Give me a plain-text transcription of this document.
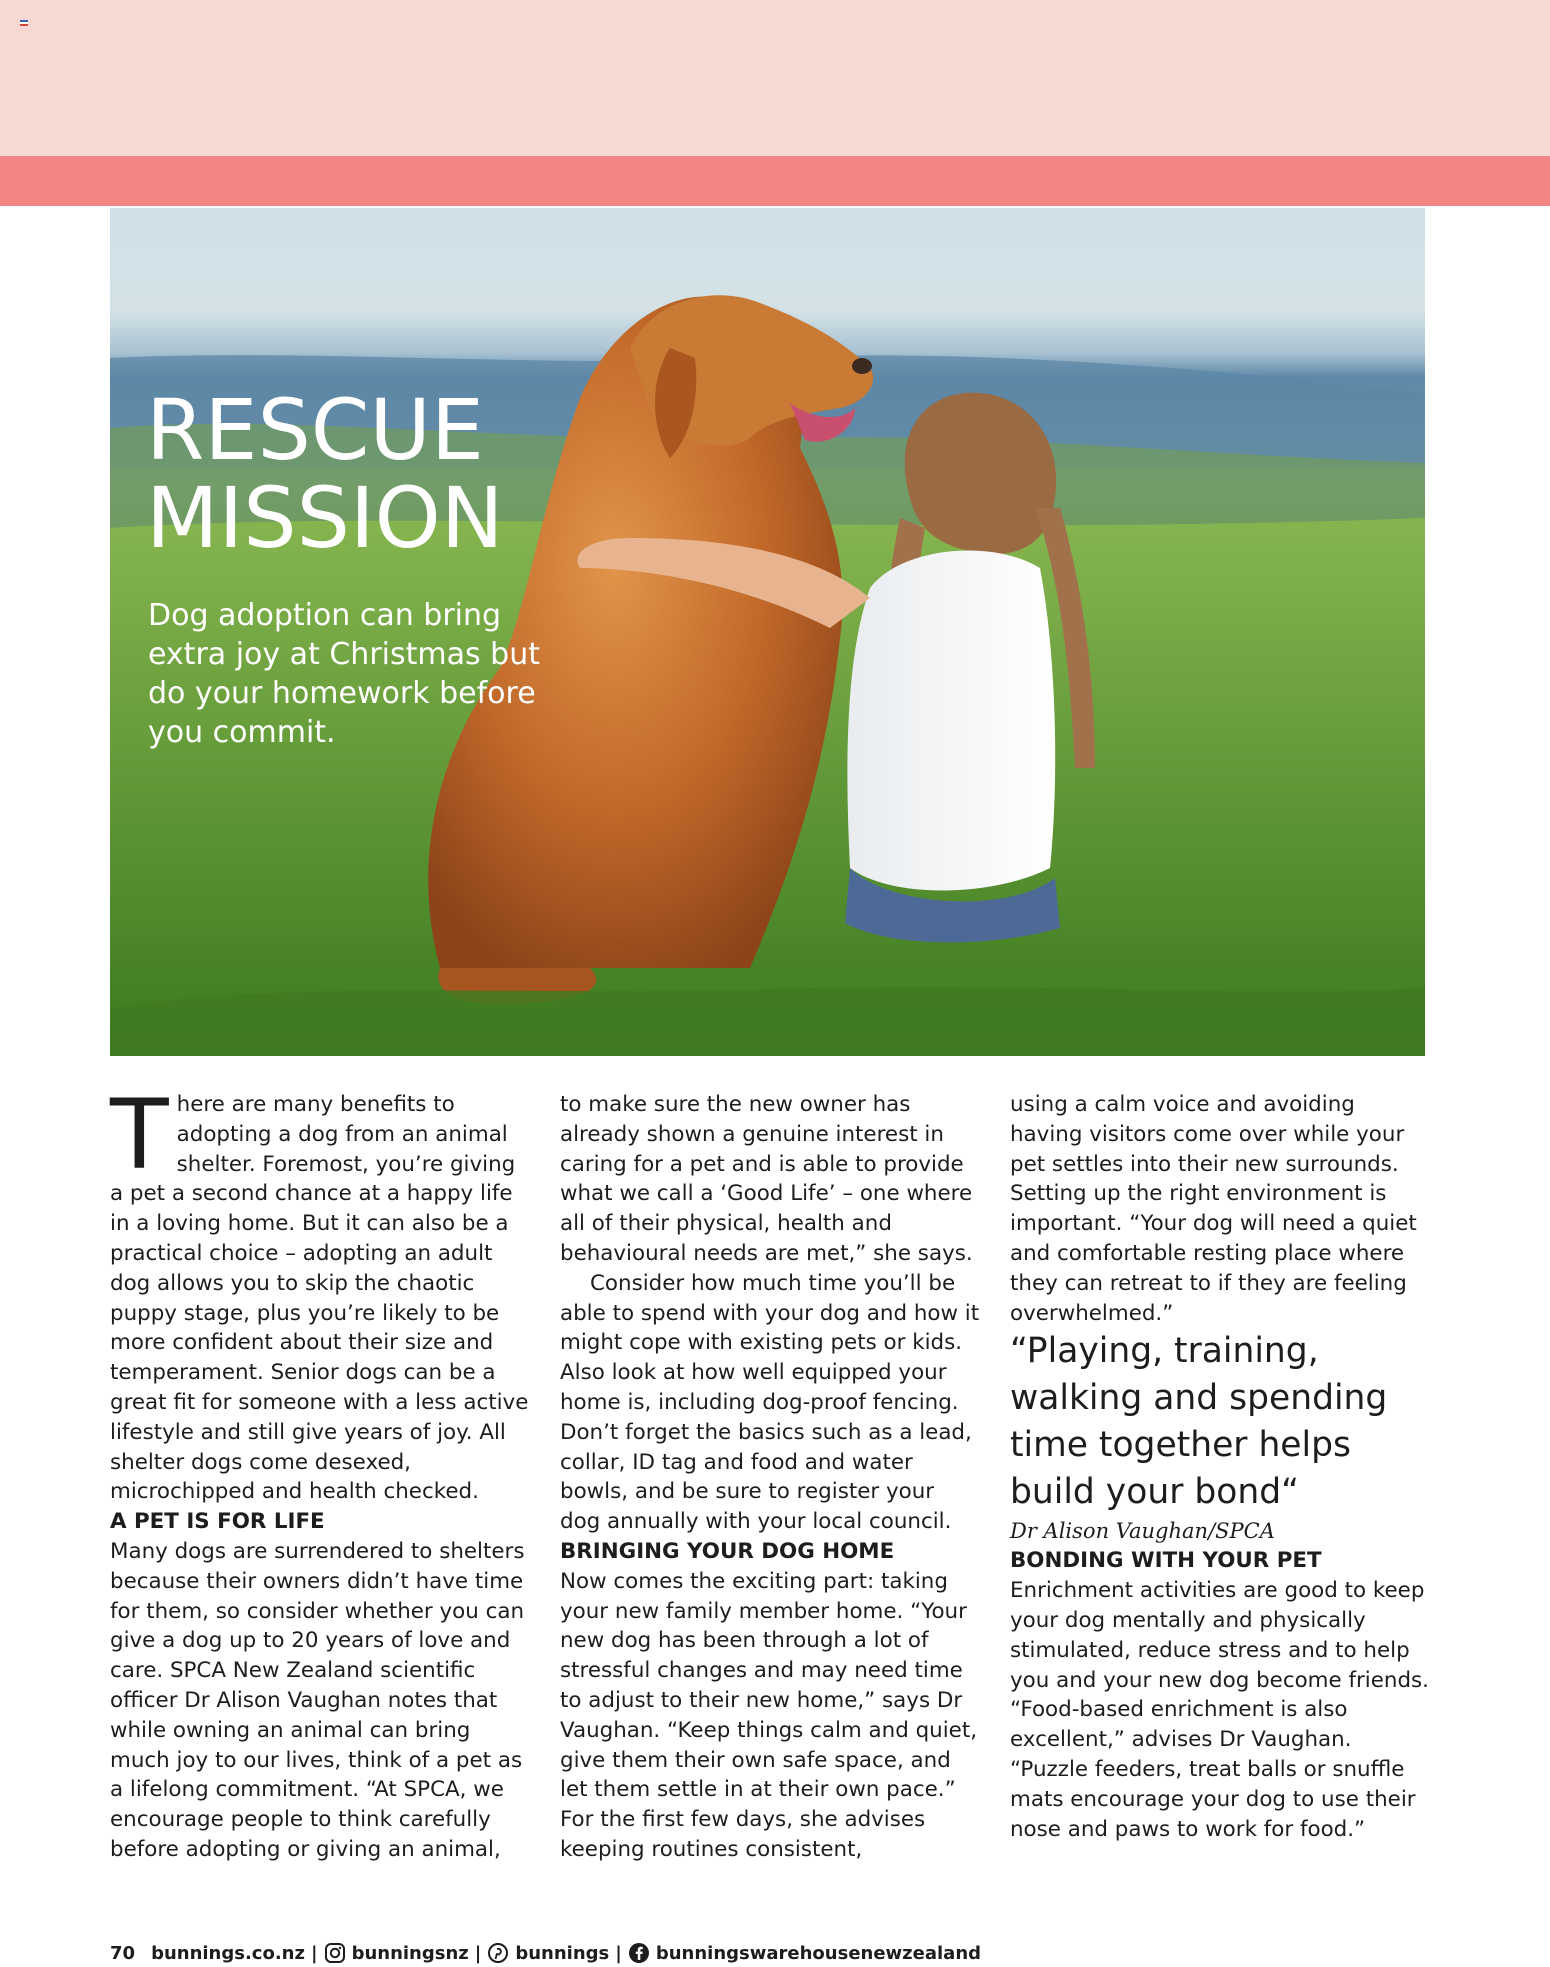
RESCUE
MISSION

Dog adoption can bring extra joy at Christmas but do your homework before you commit.

T here are many benefits to adopting a dog from an animal shelter. Foremost, you’re giving a pet a second chance at a happy life in a loving home. But it can also be a practical choice – adopting an adult dog allows you to skip the chaotic puppy stage, plus you’re likely to be more confident about their size and temperament. Senior dogs can be a great fit for someone with a less active lifestyle and still give years of joy. All shelter dogs come desexed, microchipped and health checked.

A PET IS FOR LIFE

Many dogs are surrendered to shelters because their owners didn’t have time for them, so consider whether you can give a dog up to 20 years of love and care. SPCA New Zealand scientific officer Dr Alison Vaughan notes that while owning an animal can bring much joy to our lives, think of a pet as a lifelong commitment. “At SPCA, we encourage people to think carefully before adopting or giving an animal,

to make sure the new owner has already shown a genuine interest in caring for a pet and is able to provide what we call a ‘Good Life’ – one where all of their physical, health and behavioural needs are met,” she says.

Consider how much time you’ll be able to spend with your dog and how it might cope with existing pets or kids. Also look at how well equipped your home is, including dog-proof fencing. Don’t forget the basics such as a lead, collar, ID tag and food and water bowls, and be sure to register your dog annually with your local council.

BRINGING YOUR DOG HOME

Now comes the exciting part: taking your new family member home. “Your new dog has been through a lot of stressful changes and may need time to adjust to their new home,” says Dr Vaughan. “Keep things calm and quiet, give them their own safe space, and let them settle in at their own pace.” For the first few days, she advises keeping routines consistent,

using a calm voice and avoiding having visitors come over while your pet settles into their new surrounds. Setting up the right environment is important. “Your dog will need a quiet and comfortable resting place where they can retreat to if they are feeling overwhelmed.”

“Playing, training, walking and spending time together helps build your bond“

Dr Alison Vaughan/SPCA

BONDING WITH YOUR PET

Enrichment activities are good to keep your dog mentally and physically stimulated, reduce stress and to help you and your new dog become friends. “Food-based enrichment is also excellent,” advises Dr Vaughan. “Puzzle feeders, treat balls or snuffle mats encourage your dog to use their nose and paws to work for food.”

70 bunnings.co.nz | bunningsnz | bunnings | bunningswarehousenewzealand
